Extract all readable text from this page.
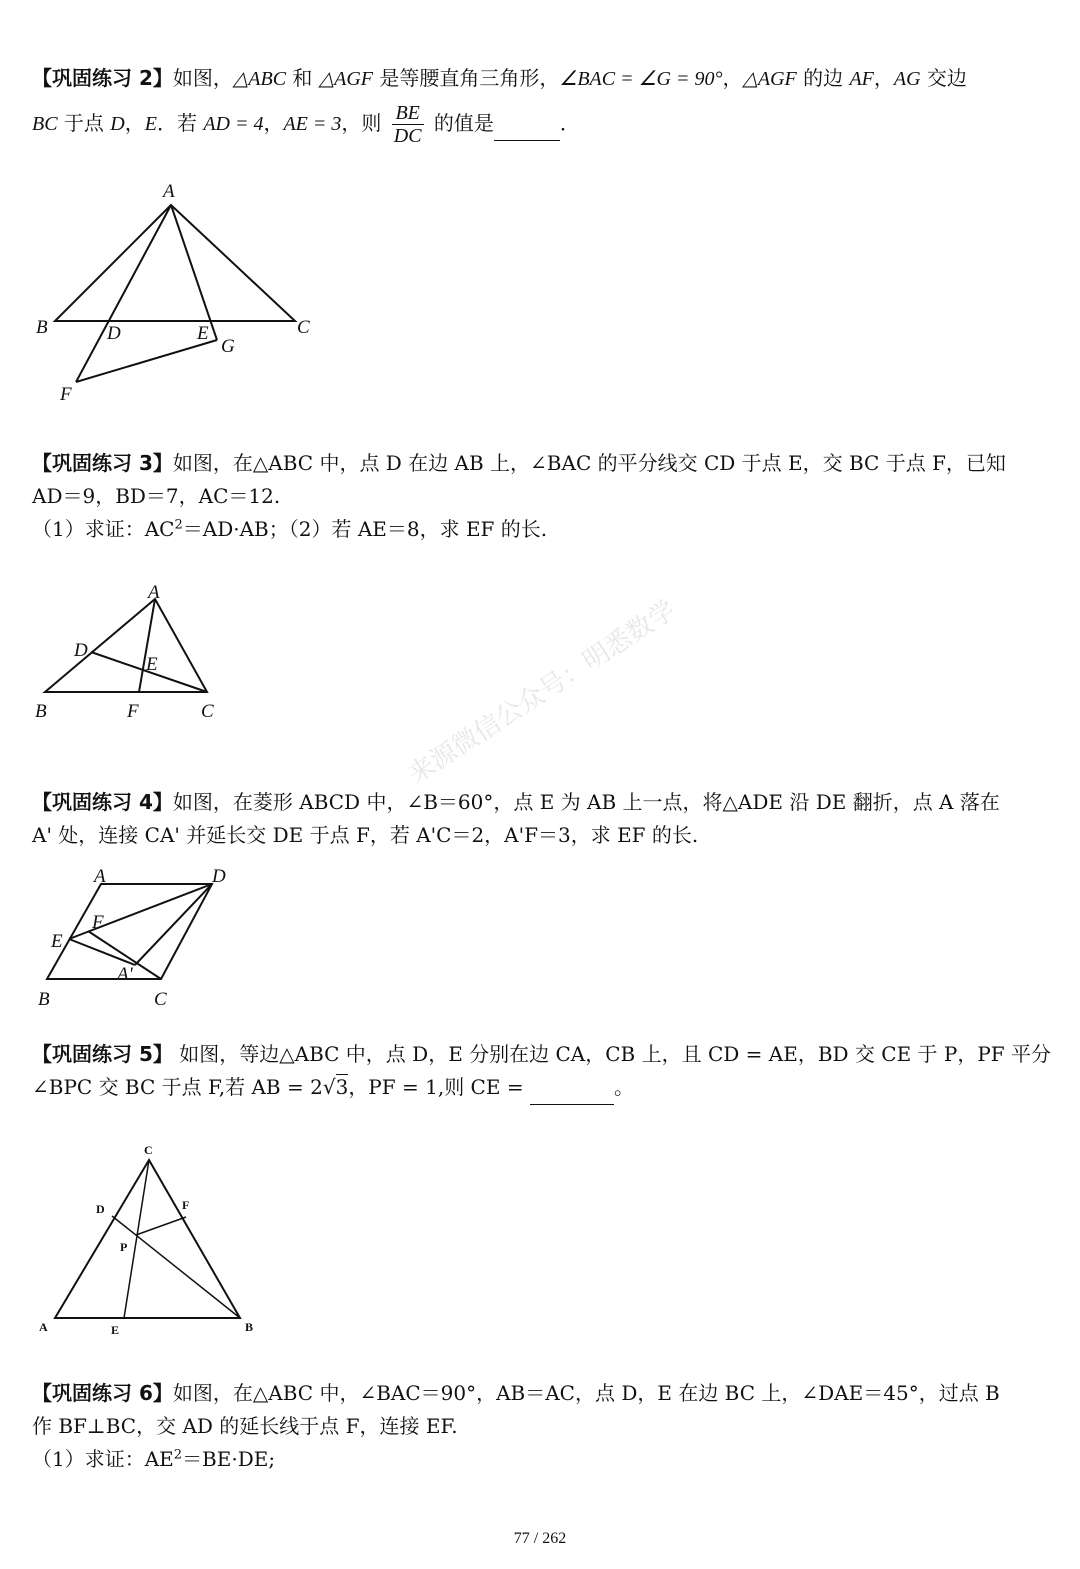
【巩固练习 2】如图，△ABC 和 △AGF 是等腰直角三角形，∠BAC = ∠G = 90°，△AGF 的边 AF，AG 交边
BC 于点 D，E．若 AD = 4，AE = 3，则 $\frac{BE}{DC}$ 的值是	．
A
B	C
D	E
F
G
【巩固练习 3】如图，在△ABC 中，点 D 在边 AB 上，∠BAC 的平分线交 CD 于点 E，交 BC 于点 F，已知
AD＝9，BD＝7，AC＝12.
（1）求证：$AC^2=AD\cdot AB$；（2）若 AE＝8，求 EF 的长.
A
D
E
B	F	C	来源微信公众号：明悉数学
【巩固练习 4】如图，在菱形 ABCD 中，∠B＝60°，点 E 为 AB 上一点，将△ADE 沿 DE 翻折，点 A 落在
A' 处，连接 CA' 并延长交 DE 于点 F，若 A'C＝2，A'F＝3，求 EF 的长.
A	D
F
E
A'
B	C
【巩固练习 5】 如图，等边△ABC 中，点 D，E 分别在边 CA，CB 上，且 CD = AE，BD 交 CE 于 P，PF 平分
∠BPC 交 BC 于点 F,若 AB = 2√3，PF = 1,则 CE =	。
C
D	F
P
A	E	B
【巩固练习 6】如图，在△ABC 中，∠BAC＝90°，AB＝AC，点 D，E 在边 BC 上，∠DAE＝45°，过点 B
作 BF⊥BC，交 AD 的延长线于点 F，连接 EF.
（1）求证：$AE^2=BE\cdot DE$;
77 / 262
